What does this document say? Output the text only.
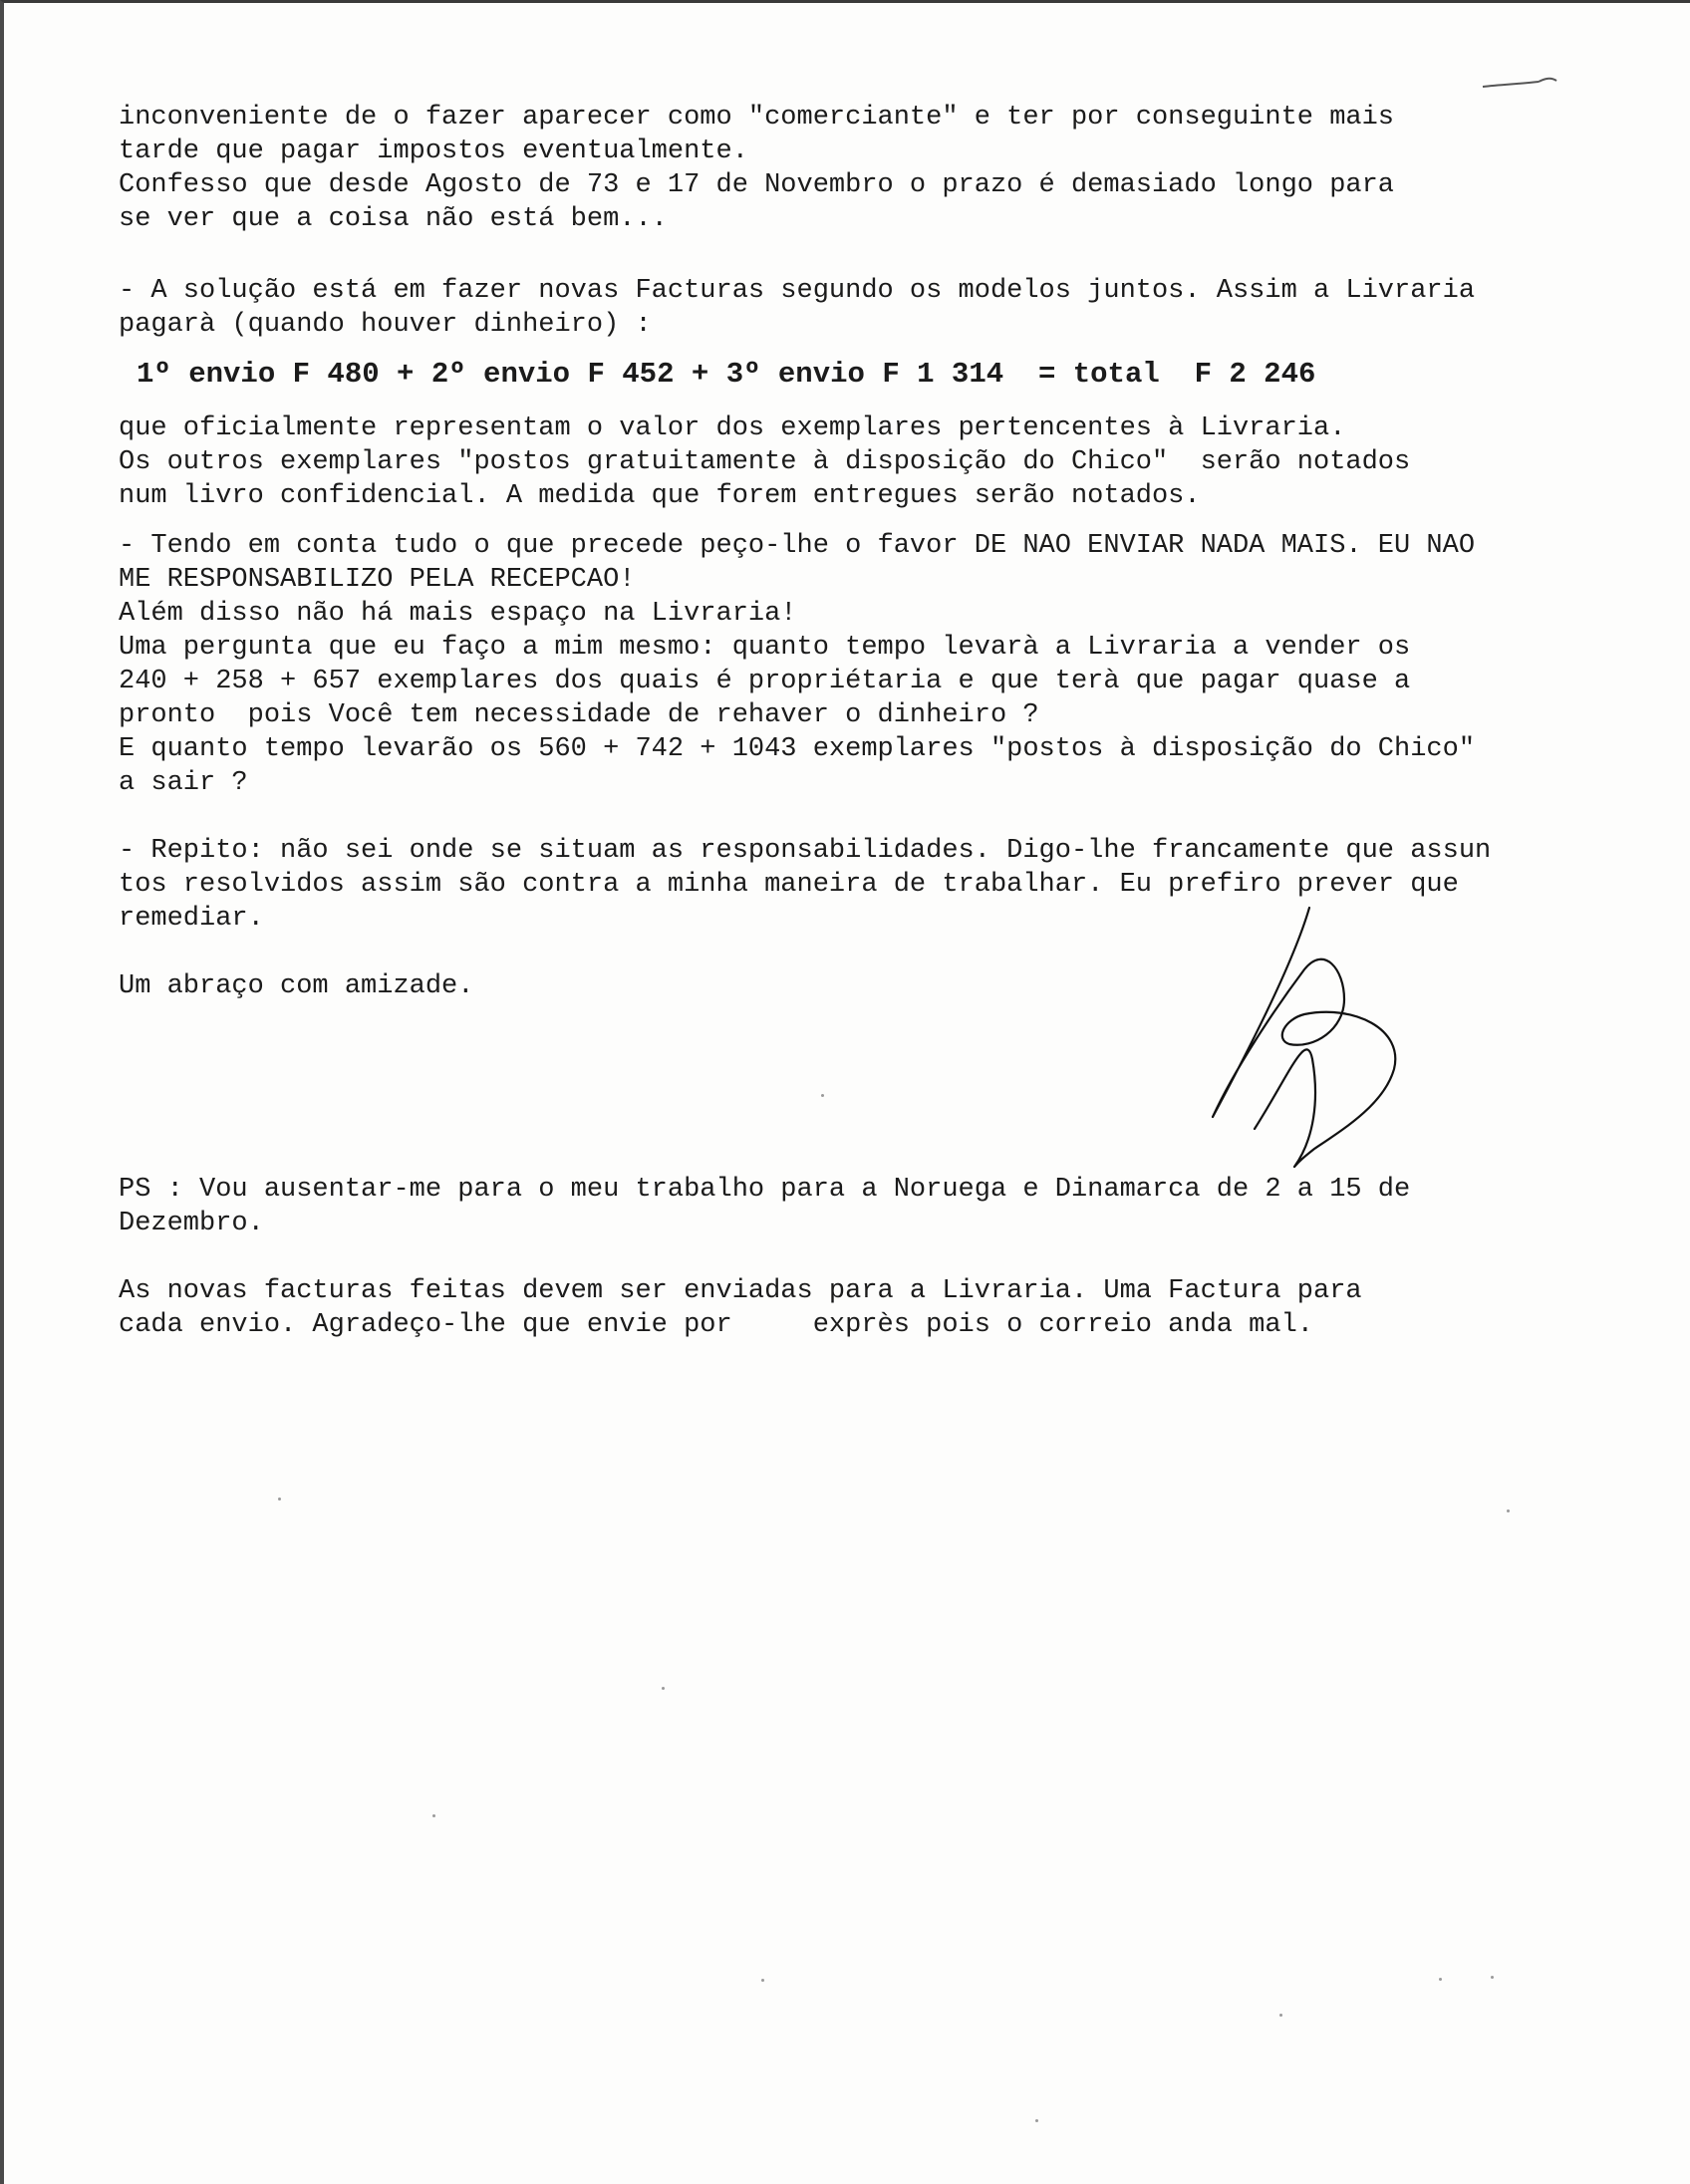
inconveniente de o fazer aparecer como "comerciante" e ter por conseguinte mais
tarde que pagar impostos eventualmente.
Confesso que desde Agosto de 73 e 17 de Novembro o prazo é demasiado longo para
se ver que a coisa não está bem...
- A solução está em fazer novas Facturas segundo os modelos juntos. Assim a Livraria
pagarà (quando houver dinheiro) :
1º envio F 480 + 2º envio F 452 + 3º envio F 1 314  = total  F 2 246
que oficialmente representam o valor dos exemplares pertencentes à Livraria.
Os outros exemplares "postos gratuitamente à disposição do Chico"  serão notados
num livro confidencial. A medida que forem entregues serão notados.
- Tendo em conta tudo o que precede peço-lhe o favor DE NAO ENVIAR NADA MAIS. EU NAO
ME RESPONSABILIZO PELA RECEPCAO!
Além disso não há mais espaço na Livraria!
Uma pergunta que eu faço a mim mesmo: quanto tempo levarà a Livraria a vender os
240 + 258 + 657 exemplares dos quais é propriétaria e que terà que pagar quase a
pronto  pois Você tem necessidade de rehaver o dinheiro ?
E quanto tempo levarão os 560 + 742 + 1043 exemplares "postos à disposição do Chico"
a sair ?
- Repito: não sei onde se situam as responsabilidades. Digo-lhe francamente que assun
tos resolvidos assim são contra a minha maneira de trabalhar. Eu prefiro prever que
remediar.
Um abraço com amizade.
PS : Vou ausentar-me para o meu trabalho para a Noruega e Dinamarca de 2 a 15 de
Dezembro.
As novas facturas feitas devem ser enviadas para a Livraria. Uma Factura para
cada envio. Agradeço-lhe que envie por     exprès pois o correio anda mal.
